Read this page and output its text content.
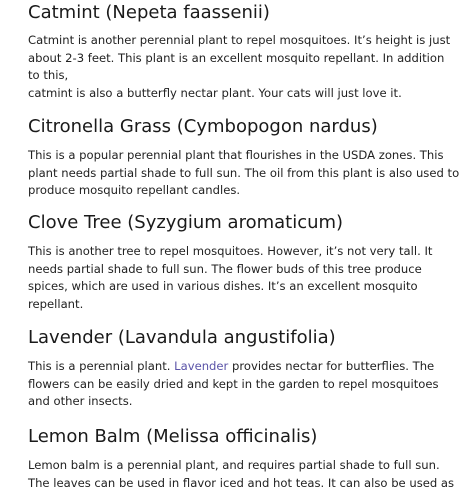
Catmint (Nepeta faassenii)

Catmint is another perennial plant to repel mosquitoes. It’s height is just
about 2-3 feet. This plant is an excellent mosquito repellant. In addition
to this,
catmint is also a butterfly nectar plant. Your cats will just love it.

Citronella Grass (Cymbopogon nardus)

This is a popular perennial plant that flourishes in the USDA zones. This
plant needs partial shade to full sun. The oil from this plant is also used to
produce mosquito repellant candles.

Clove Tree (Syzygium aromaticum)

This is another tree to repel mosquitoes. However, it’s not very tall. It
needs partial shade to full sun. The flower buds of this tree produce
spices, which are used in various dishes. It’s an excellent mosquito
repellant.

Lavender (Lavandula angustifolia)

This is a perennial plant. Lavender provides nectar for butterflies. The
flowers can be easily dried and kept in the garden to repel mosquitoes
and other insects.

Lemon Balm (Melissa officinalis)

Lemon balm is a perennial plant, and requires partial shade to full sun.
The leaves can be used in flavor iced and hot teas. It can also be used as
